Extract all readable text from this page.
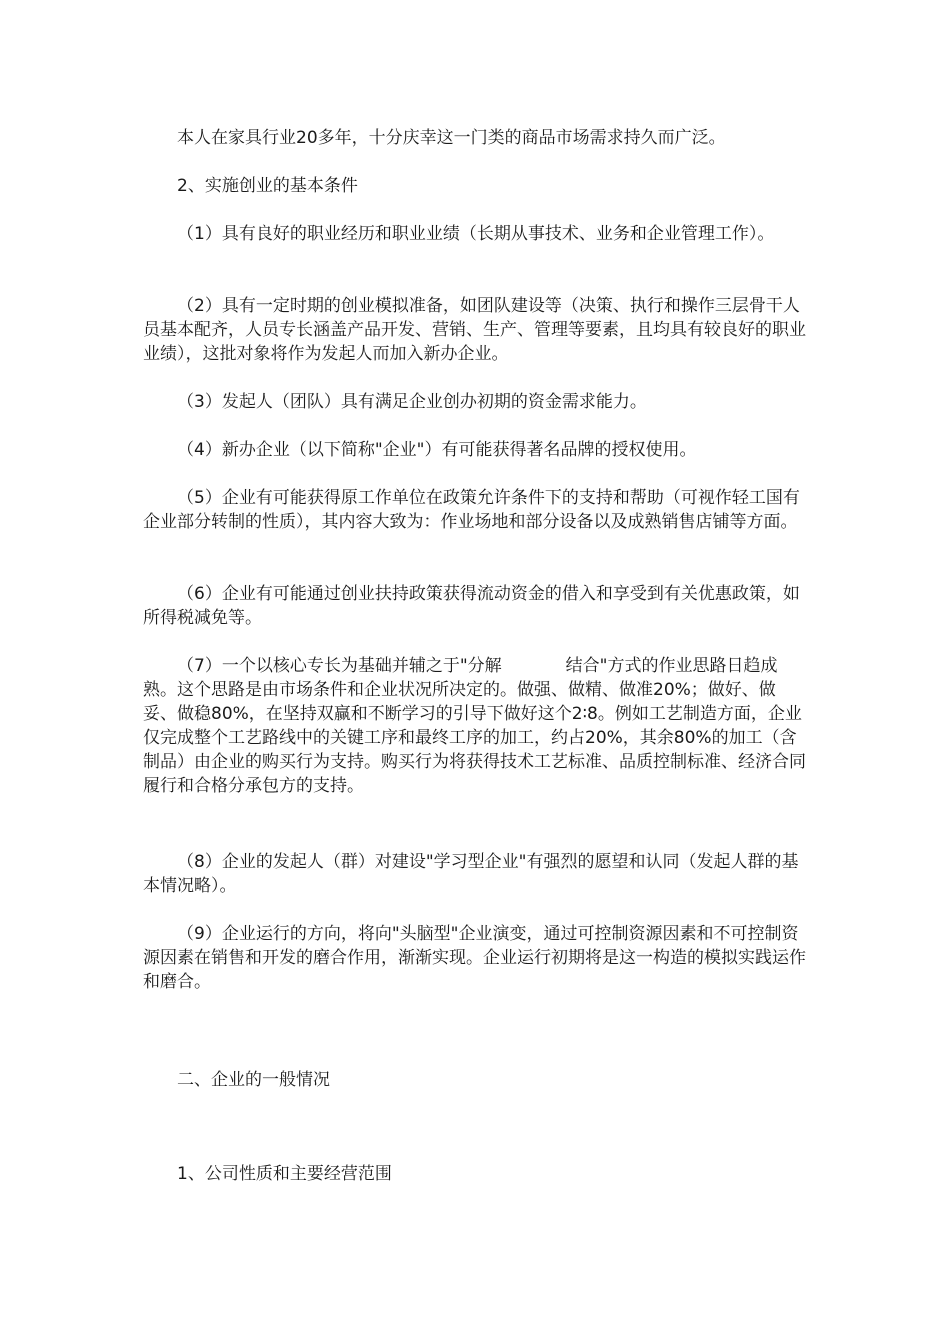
本人在家具行业20多年，十分庆幸这一门类的商品市场需求持久而广泛。

2、实施创业的基本条件

（1）具有良好的职业经历和职业业绩（长期从事技术、业务和企业管理工作）。

（2）具有一定时期的创业模拟准备，如团队建设等（决策、执行和操作三层骨干人员基本配齐，人员专长涵盖产品开发、营销、生产、管理等要素，且均具有较良好的职业业绩），这批对象将作为发起人而加入新办企业。

（3）发起人（团队）具有满足企业创办初期的资金需求能力。

（4）新办企业（以下简称"企业"）有可能获得著名品牌的授权使用。

（5）企业有可能获得原工作单位在政策允许条件下的支持和帮助（可视作轻工国有企业部分转制的性质），其内容大致为：作业场地和部分设备以及成熟销售店铺等方面。

（6）企业有可能通过创业扶持政策获得流动资金的借入和享受到有关优惠政策，如所得税减免等。

（7）一个以核心专长为基础并辅之于"分解	结合"方式的作业思路日趋成熟。这个思路是由市场条件和企业状况所决定的。做强、做精、做准20%；做好、做妥、做稳80%，在坚持双赢和不断学习的引导下做好这个2∶8。例如工艺制造方面，企业仅完成整个工艺路线中的关键工序和最终工序的加工，约占20%，其余80%的加工（含制品）由企业的购买行为支持。购买行为将获得技术工艺标准、品质控制标准、经济合同履行和合格分承包方的支持。

（8）企业的发起人（群）对建设"学习型企业"有强烈的愿望和认同（发起人群的基本情况略）。

（9）企业运行的方向，将向"头脑型"企业演变，通过可控制资源因素和不可控制资源因素在销售和开发的磨合作用，渐渐实现。企业运行初期将是这一构造的模拟实践运作和磨合。

二、企业的一般情况

1、公司性质和主要经营范围
